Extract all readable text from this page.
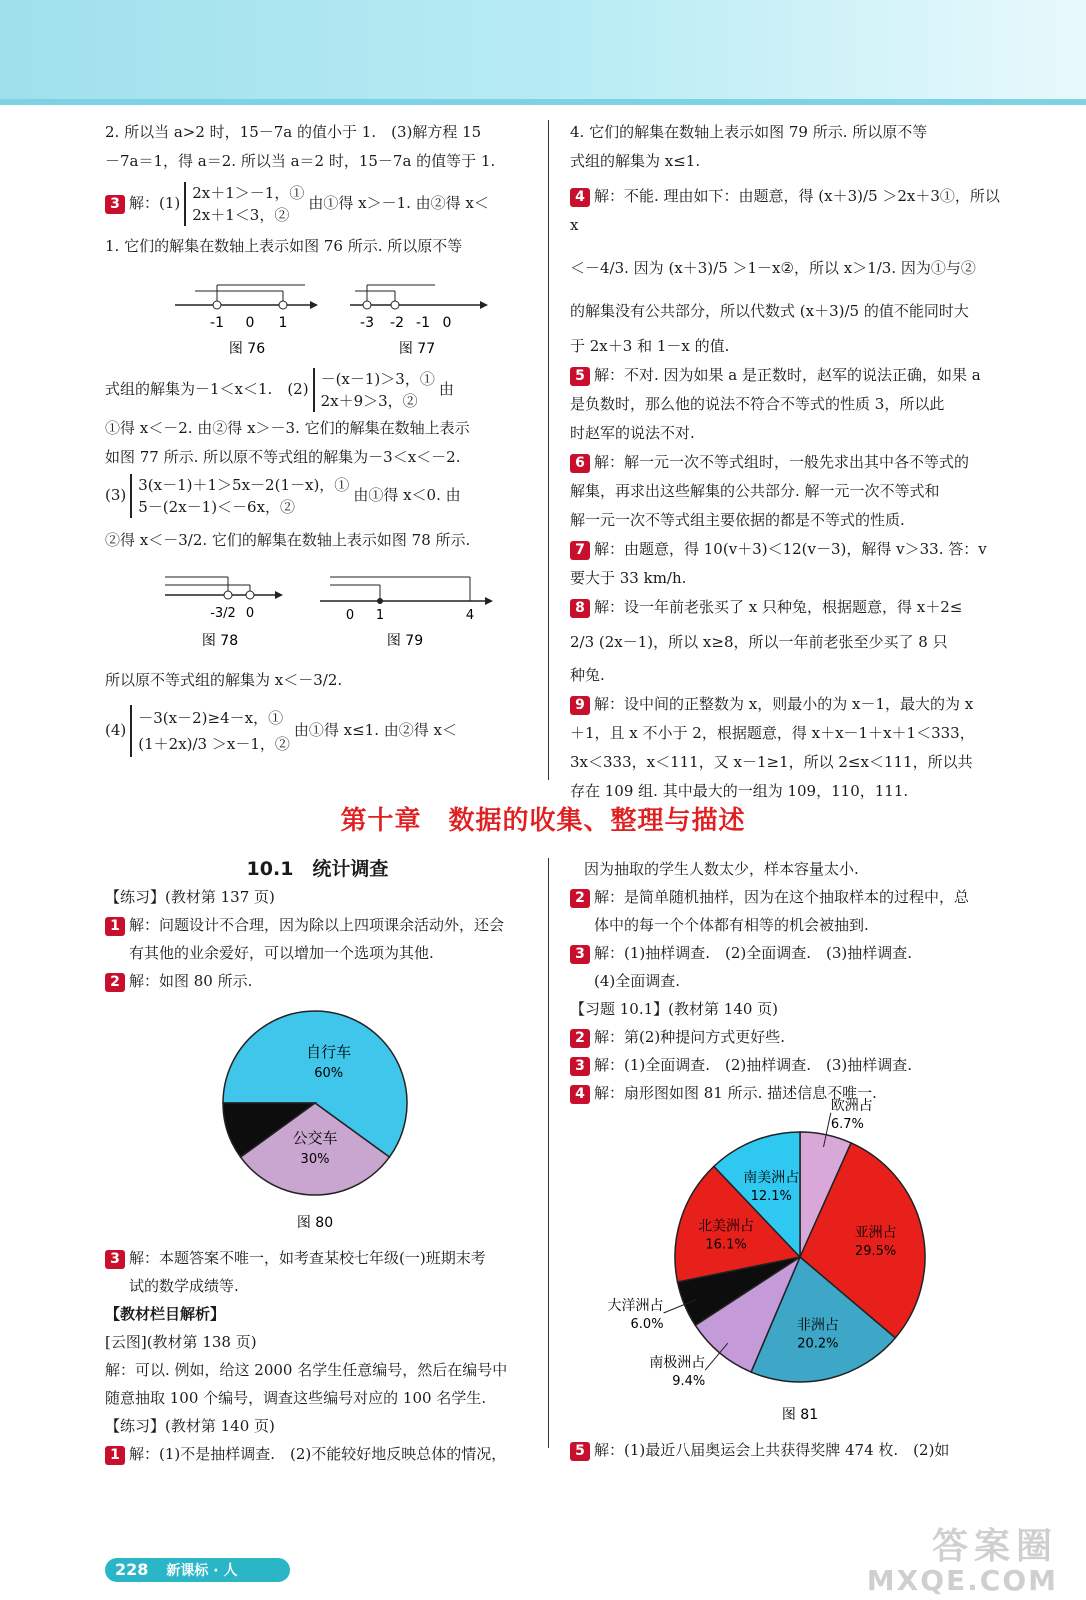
2. 所以当 a>2 时，15－7a 的值小于 1.　(3)解方程 15

－7a＝1，得 a＝2. 所以当 a＝2 时，15－7a 的值等于 1.

3 解：(1)2x＋1＞－1，①
2x＋1＜3，②由①得 x＞－1. 由②得 x＜

1. 它们的解集在数轴上表示如图 76 所示. 所以原不等

-1 0 1
图 76
-3 -2 -1 0
图 77

式组的解集为－1＜x＜1.　(2)－(x－1)＞3，①
2x＋9＞3，②由

①得 x＜－2. 由②得 x＞－3. 它们的解集在数轴上表示

如图 77 所示. 所以原不等式组的解集为－3＜x＜－2.

(3)3(x－1)＋1＞5x－2(1－x)，①
5－(2x－1)＜－6x，②由①得 x＜0. 由

②得 x＜－3/2. 它们的解集在数轴上表示如图 78 所示.

-3/2 0
图 78
0 1	4
图 79

所以原不等式组的解集为 x＜－3/2.

(4)－3(x－2)≥4－x，①
(1＋2x)/3 ＞x－1，②由①得 x≤1. 由②得 x＜

4. 它们的解集在数轴上表示如图 79 所示. 所以原不等

式组的解集为 x≤1.

4 解：不能. 理由如下：由题意，得 (x＋3)/5 ＞2x＋3①，所以 x

＜－4/3. 因为 (x＋3)/5 ＞1－x②，所以 x＞1/3. 因为①与②

的解集没有公共部分，所以代数式 (x＋3)/5 的值不能同时大

于 2x＋3 和 1－x 的值.

5 解：不对. 因为如果 a 是正数时，赵军的说法正确，如果 a

是负数时，那么他的说法不符合不等式的性质 3，所以此

时赵军的说法不对.

6 解：解一元一次不等式组时，一般先求出其中各不等式的

解集，再求出这些解集的公共部分. 解一元一次不等式和

解一元一次不等式组主要依据的都是不等式的性质.

7 解：由题意，得 10(v＋3)＜12(v－3)，解得 v＞33. 答：v

要大于 33 km/h.

8 解：设一年前老张买了 x 只种兔，根据题意，得 x＋2≤

2/3 (2x－1)，所以 x≥8，所以一年前老张至少买了 8 只

种兔.

9 解：设中间的正整数为 x，则最小的为 x－1，最大的为 x

＋1，且 x 不小于 2，根据题意，得 x＋x－1＋x＋1＜333，

3x＜333，x＜111，又 x－1≥1，所以 2≤x＜111，所以共

存在 109 组. 其中最大的一组为 109，110，111.

第十章　数据的收集、整理与描述

10.1　统计调查

【练习】(教材第 137 页)

1 解：问题设计不合理，因为除以上四项课余活动外，还会

有其他的业余爱好，可以增加一个选项为其他.

2 解：如图 80 所示.

自行车
60%
公交车
30%
图 80

3 解：本题答案不唯一，如考查某校七年级(一)班期末考

试的数学成绩等.

【教材栏目解析】

[云图](教材第 138 页)

解：可以. 例如，给这 2000 名学生任意编号，然后在编号中

随意抽取 100 个编号，调查这些编号对应的 100 名学生.

【练习】(教材第 140 页)

1 解：(1)不是抽样调查.　(2)不能较好地反映总体的情况，

因为抽取的学生人数太少，样本容量太小.

2 解：是简单随机抽样，因为在这个抽取样本的过程中，总

体中的每一个个体都有相等的机会被抽到.

3 解：(1)抽样调查.　(2)全面调查.　(3)抽样调查.

(4)全面调查.

【习题 10.1】(教材第 140 页)

2 解：第(2)种提问方式更好些.

3 解：(1)全面调查.　(2)抽样调查.　(3)抽样调查.

4 解：扇形图如图 81 所示. 描述信息不唯一.

欧洲占
6.7%
亚洲占
29.5%
非洲占
20.2%
南极洲占
9.4%
大洋洲占
6.0%
北美洲占
16.1%
南美洲占
12.1%
图 81

5 解：(1)最近八届奥运会上共获得奖牌 474 枚.　(2)如

228 新课标 · 人
答案圈
MXQE.COM
